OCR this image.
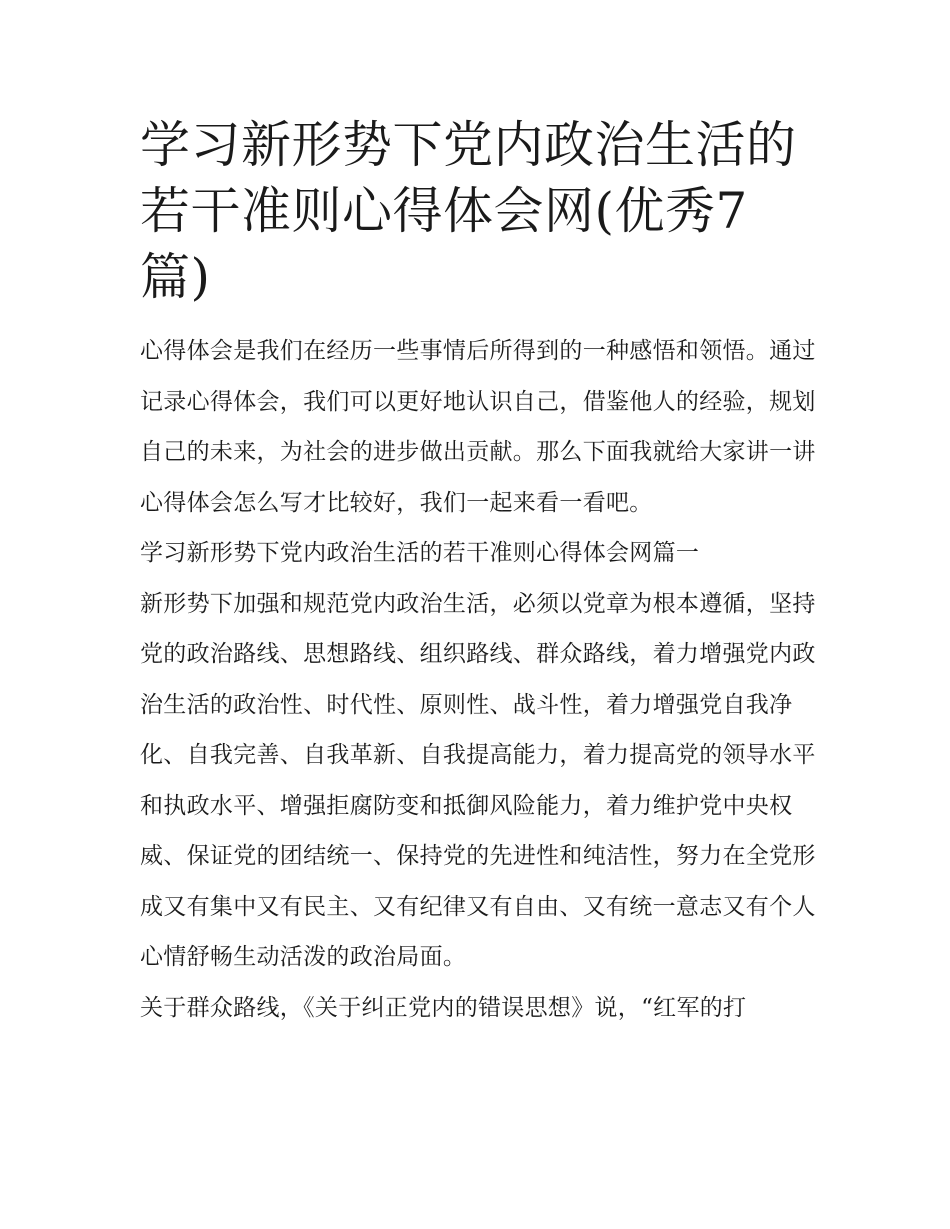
学习新形势下党内政治生活的若干准则心得体会网(优秀7篇)

心得体会是我们在经历一些事情后所得到的一种感悟和领悟。通过记录心得体会，我们可以更好地认识自己，借鉴他人的经验，规划自己的未来，为社会的进步做出贡献。那么下面我就给大家讲一讲心得体会怎么写才比较好，我们一起来看一看吧。

学习新形势下党内政治生活的若干准则心得体会网篇一

新形势下加强和规范党内政治生活，必须以党章为根本遵循，坚持党的政治路线、思想路线、组织路线、群众路线，着力增强党内政治生活的政治性、时代性、原则性、战斗性，着力增强党自我净化、自我完善、自我革新、自我提高能力，着力提高党的领导水平和执政水平、增强拒腐防变和抵御风险能力，着力维护党中央权威、保证党的团结统一、保持党的先进性和纯洁性，努力在全党形成又有集中又有民主、又有纪律又有自由、又有统一意志又有个人心情舒畅生动活泼的政治局面。

关于群众路线，《关于纠正党内的错误思想》说，“红军的打
